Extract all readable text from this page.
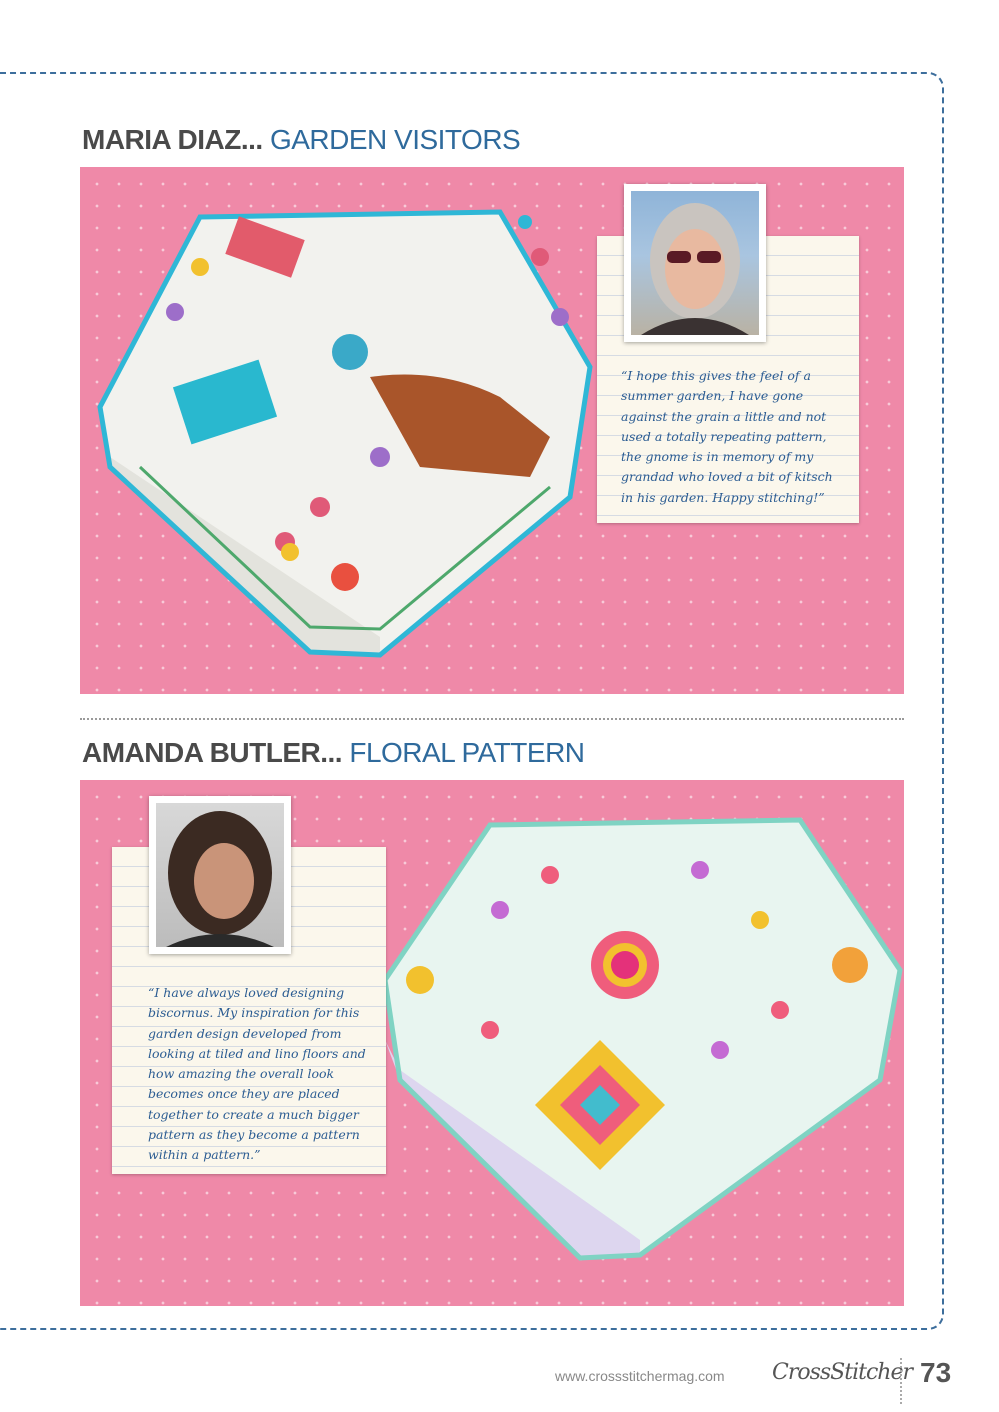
MARIA DIAZ... GARDEN VISITORS

“I hope this gives the feel of a summer garden, I have gone against the grain a little and not used a totally repeating pattern, the gnome is in memory of my grandad who loved a bit of kitsch in his garden. Happy stitching!”

AMANDA BUTLER... FLORAL PATTERN

“I have always loved designing biscornus. My inspiration for this garden design developed from looking at tiled and lino floors and how amazing the overall look becomes once they are placed together to create a much bigger pattern as they become a pattern within a pattern.”

www.crossstitchermag.com CrossStitcher 73
